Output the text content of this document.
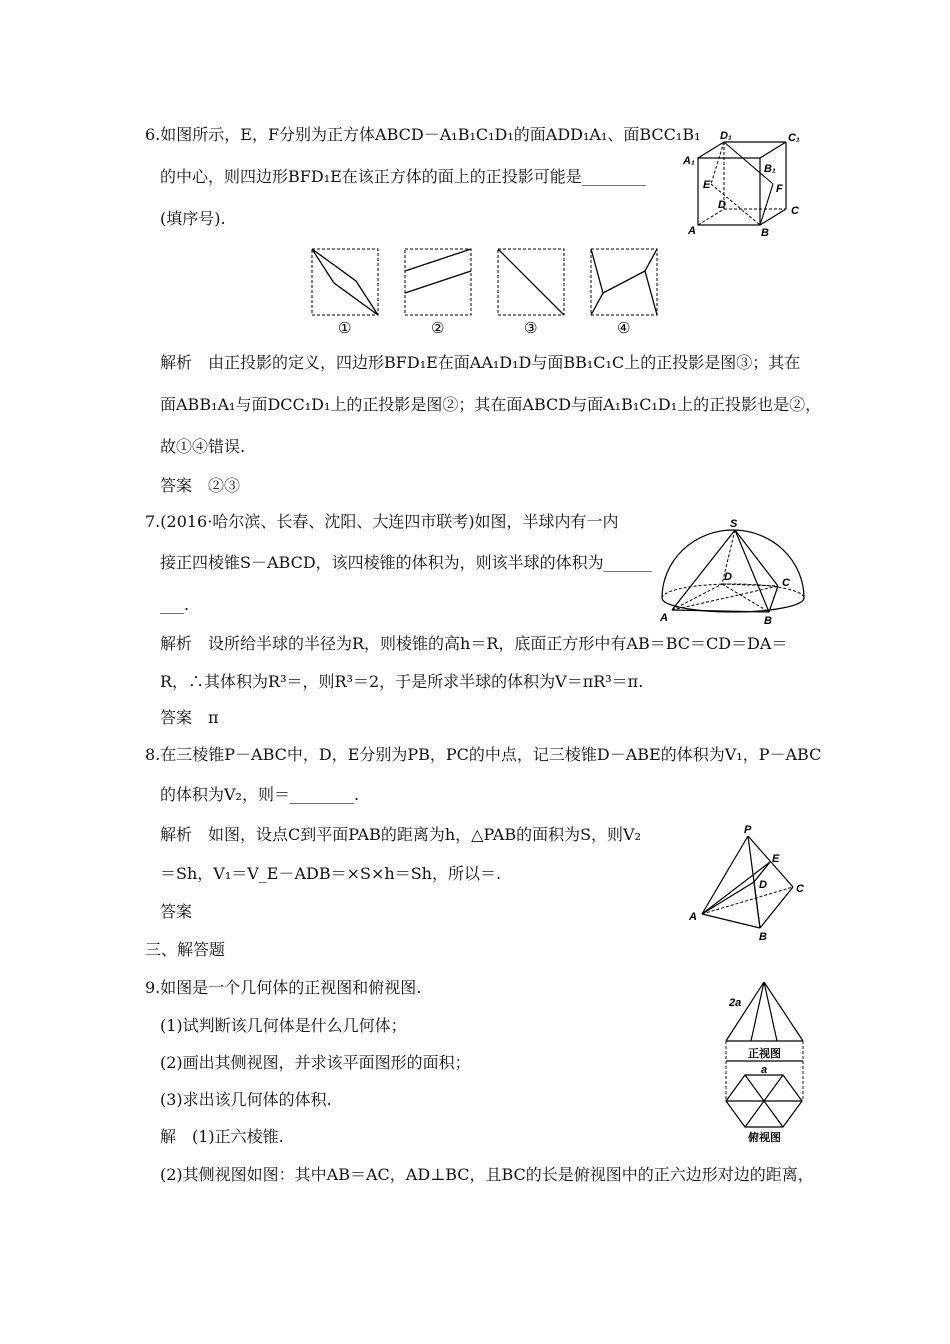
6.如图所示，E，F分别为正方体ABCD－A₁B₁C₁D₁的面ADD₁A₁、面BCC₁B₁
的中心，则四边形BFD₁E在该正方体的面上的正投影可能是________
(填序号).
D₁	C₁
A₁
B₁
E	F
D	C
A	B
①	②	③	④
解析　由正投影的定义，四边形BFD₁E在面AA₁D₁D与面BB₁C₁C上的正投影是图③；其在
面ABB₁A₁与面DCC₁D₁上的正投影是图②；其在面ABCD与面A₁B₁C₁D₁上的正投影也是②，
故①④错误.
答案　②③
7.(2016·哈尔滨、长春、沈阳、大连四市联考)如图，半球内有一内
接正四棱锥S－ABCD，该四棱锥的体积为，则该半球的体积为______
___.
S
D	C
A	B
解析　设所给半球的半径为R，则棱锥的高h＝R，底面正方形中有AB＝BC＝CD＝DA＝
R，∴其体积为R³＝，则R³＝2，于是所求半球的体积为V＝πR³＝π.
答案　π
8.在三棱锥P－ABC中，D，E分别为PB，PC的中点，记三棱锥D－ABE的体积为V₁，P－ABC
的体积为V₂，则＝________.
解析　如图，设点C到平面PAB的距离为h，△PAB的面积为S，则V₂
＝Sh，V₁＝V_E－ADB＝×S×h＝Sh，所以＝.
答案
P
E
D	C
A
B
三、解答题
9.如图是一个几何体的正视图和俯视图.
(1)试判断该几何体是什么几何体；
(2)画出其侧视图，并求该平面图形的面积；
(3)求出该几何体的体积.
解　(1)正六棱锥.
(2)其侧视图如图：其中AB＝AC，AD⊥BC，且BC的长是俯视图中的正六边形对边的距离，
2a
a
正视图
俯视图
